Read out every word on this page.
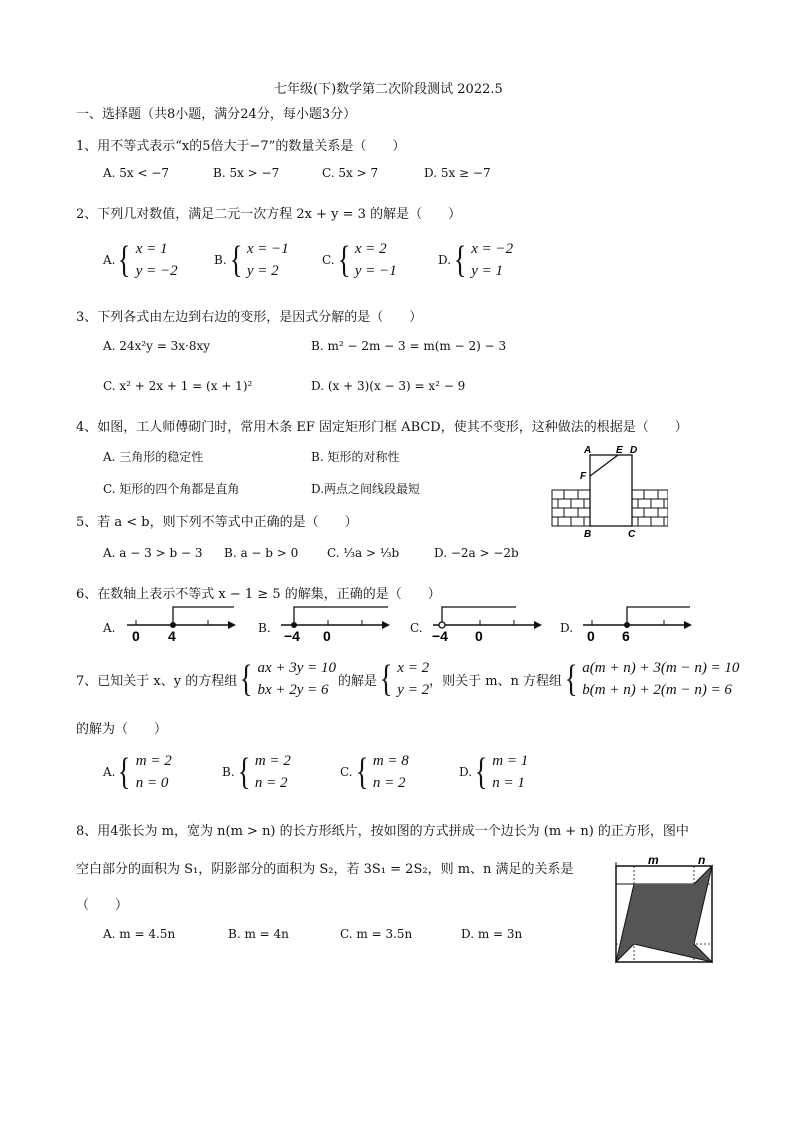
七年级(下)数学第二次阶段测试 2022.5
一、选择题（共8小题，满分24分，每小题3分）
1、用不等式表示“x的5倍大于−7”的数量关系是（　　）
A. 5x < −7	B. 5x > −7	C. 5x > 7	D. 5x ≥ −7
2、下列几对数值，满足二元一次方程 2x + y = 3 的解是（　　）
A. { x = 1
y = −2
B. { x = −1
y = 2
C. { x = 2
y = −1
D. { x = −2
y = 1
3、下列各式由左边到右边的变形，是因式分解的是（　　）
A. 24x²y = 3x·8xy	B. m² − 2m − 3 = m(m − 2) − 3
C. x² + 2x + 1 = (x + 1)²	D. (x + 3)(x − 3) = x² − 9
4、如图，工人师傅砌门时，常用木条 EF 固定矩形门框 ABCD，使其不变形，这种做法的根据是（　　）
A. 三角形的稳定性	B. 矩形的对称性
C. 矩形的四个角都是直角	D.两点之间线段最短
A E D
F
B	C
5、若 a < b，则下列不等式中正确的是（　　）
A. a − 3 > b − 3 B. a − b > 0 C. ⅓a > ⅓b	D. −2a > −2b
6、在数轴上表示不等式 x − 1 ≥ 5 的解集，正确的是（　　）
A. 0 4	B. −4 0	C. −4 0	D. 0 6
7、已知关于 x、y 的方程组 { ax + 3y = 10
bx + 2y = 6
的解是 { x = 2
y = 2
，则关于 m、n 方程组 { a(m + n) + 3(m − n) = 10
b(m + n) + 2(m − n) = 6
的解为（　　）
A. { m = 2
n = 0
B. { m = 2
n = 2
C. { m = 8
n = 2
D. { m = 1
n = 1
8、用4张长为 m，宽为 n(m > n) 的长方形纸片，按如图的方式拼成一个边长为 (m + n) 的正方形，图中
空白部分的面积为 S₁，阴影部分的面积为 S₂，若 3S₁ = 2S₂，则 m、n 满足的关系是
（　　）
A. m = 4.5n	B. m = 4n	C. m = 3.5n	D. m = 3n
m	n
